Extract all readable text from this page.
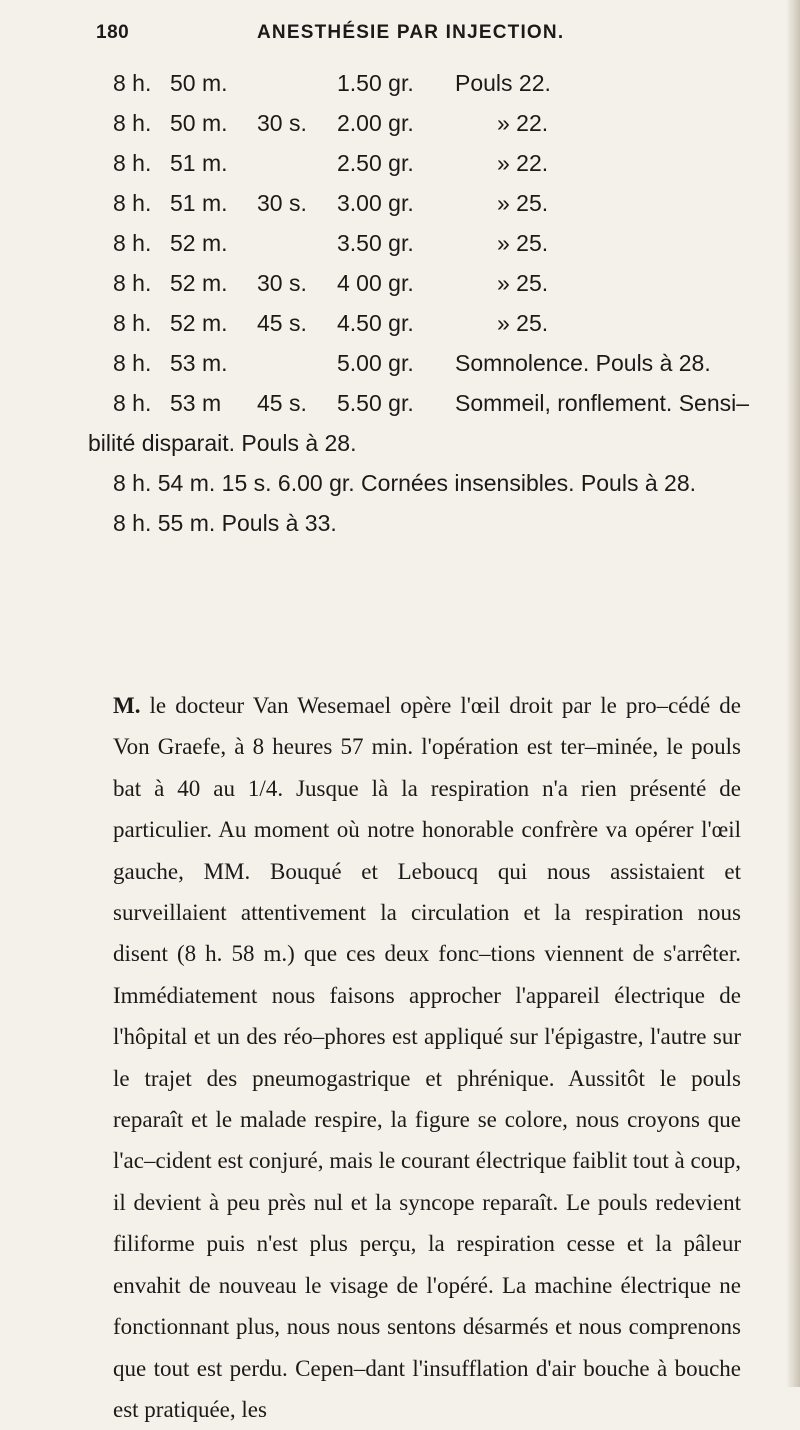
180	ANESTHÉSIE PAR INJECTION.
8 h. 50 m.	1.50 gr. Pouls 22.
8 h. 50 m. 30 s. 2.00 gr.	» 22.
8 h. 51 m.	2.50 gr.	» 22.
8 h. 51 m. 30 s. 3.00 gr.	» 25.
8 h. 52 m.	3.50 gr.	» 25.
8 h. 52 m. 30 s. 4 00 gr.	» 25.
8 h. 52 m. 45 s. 4.50 gr.	» 25.
8 h. 53 m.	5.00 gr. Somnolence. Pouls à 28.
8 h. 53 m 45 s. 5.50 gr. Sommeil, ronflement. Sensi–
bilité disparait. Pouls à 28.
8 h. 54 m. 15 s. 6.00 gr. Cornées insensibles. Pouls à 28.
8 h. 55 m. Pouls à 33.

M. le docteur Van Wesemael opère l'œil droit par le pro–cédé de Von Graefe, à 8 heures 57 min. l'opération est ter–minée, le pouls bat à 40 au 1/4. Jusque là la respiration n'a rien présenté de particulier. Au moment où notre honorable confrère va opérer l'œil gauche, MM. Bouqué et Leboucq qui nous assistaient et surveillaient attentivement la circulation et la respiration nous disent (8 h. 58 m.) que ces deux fonc–tions viennent de s'arrêter. Immédiatement nous faisons approcher l'appareil électrique de l'hôpital et un des réo–phores est appliqué sur l'épigastre, l'autre sur le trajet des pneumogastrique et phrénique. Aussitôt le pouls reparaît et le malade respire, la figure se colore, nous croyons que l'ac–cident est conjuré, mais le courant électrique faiblit tout à coup, il devient à peu près nul et la syncope reparaît. Le pouls redevient filiforme puis n'est plus perçu, la respiration cesse et la pâleur envahit de nouveau le visage de l'opéré. La machine électrique ne fonctionnant plus, nous nous sentons désarmés et nous comprenons que tout est perdu. Cepen–dant l'insufflation d'air bouche à bouche est pratiquée, les
